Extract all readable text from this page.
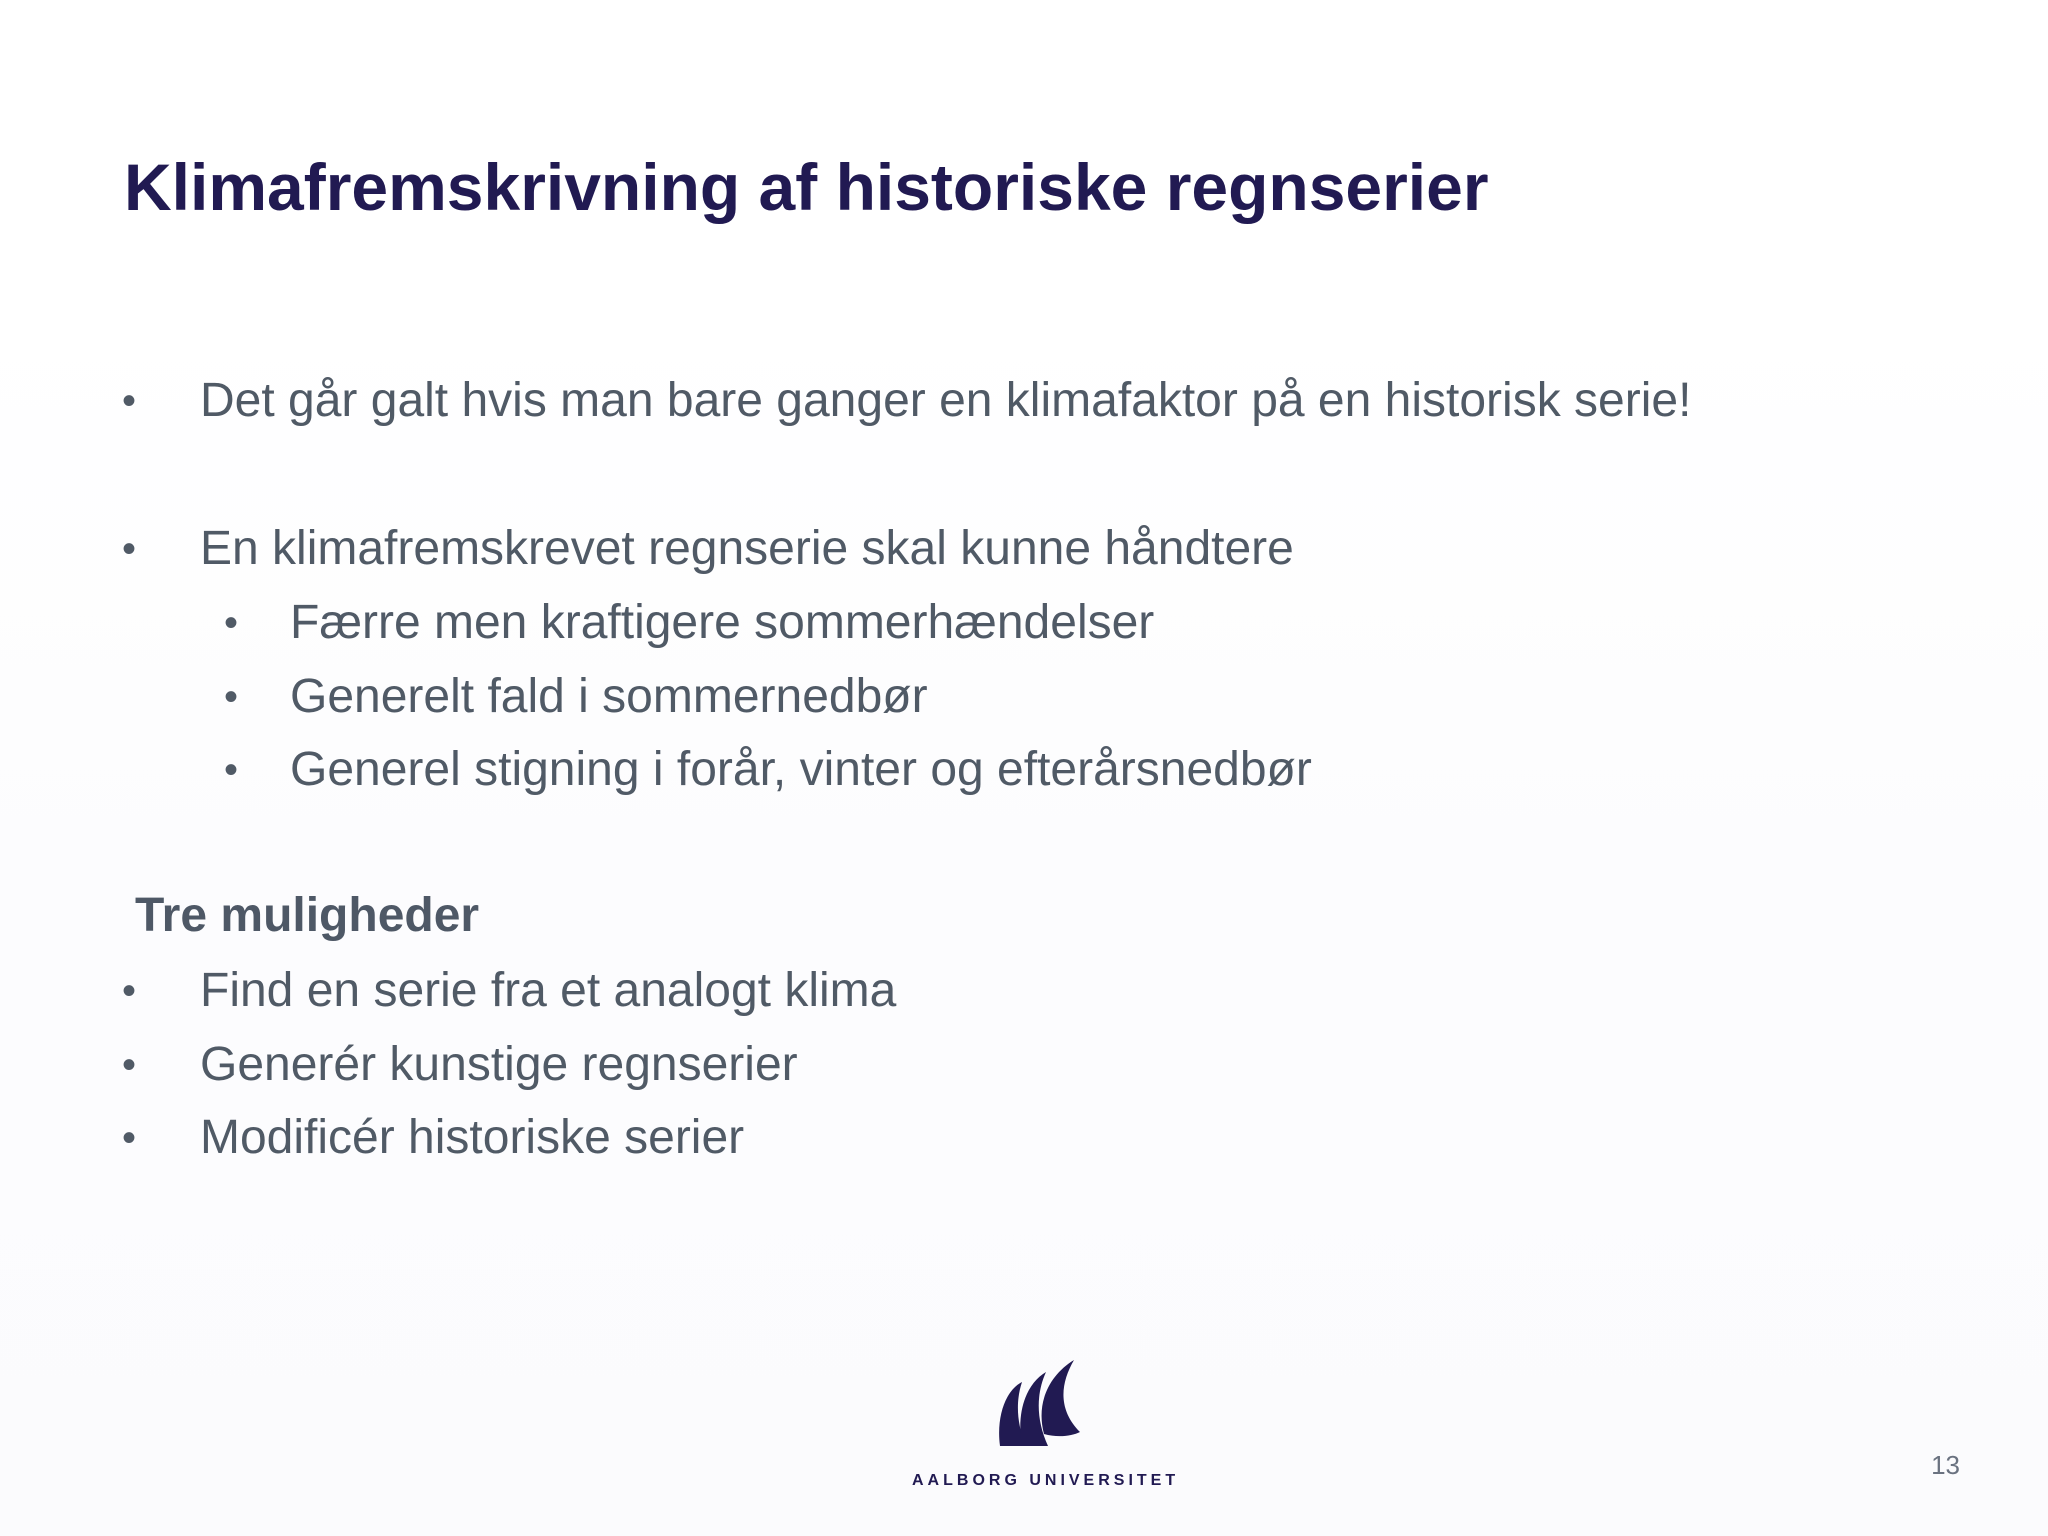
Klimafremskrivning af historiske regnserier
• Det går galt hvis man bare ganger en klimafaktor på en historisk serie!
• En klimafremskrevet regnserie skal kunne håndtere
• Færre men kraftigere sommerhændelser
• Generelt fald i sommernedbør
• Generel stigning i forår, vinter og efterårsnedbør
Tre muligheder
• Find en serie fra et analogt klima
• Generér kunstige regnserier
• Modificér historiske serier
AALBORG UNIVERSITET
13
